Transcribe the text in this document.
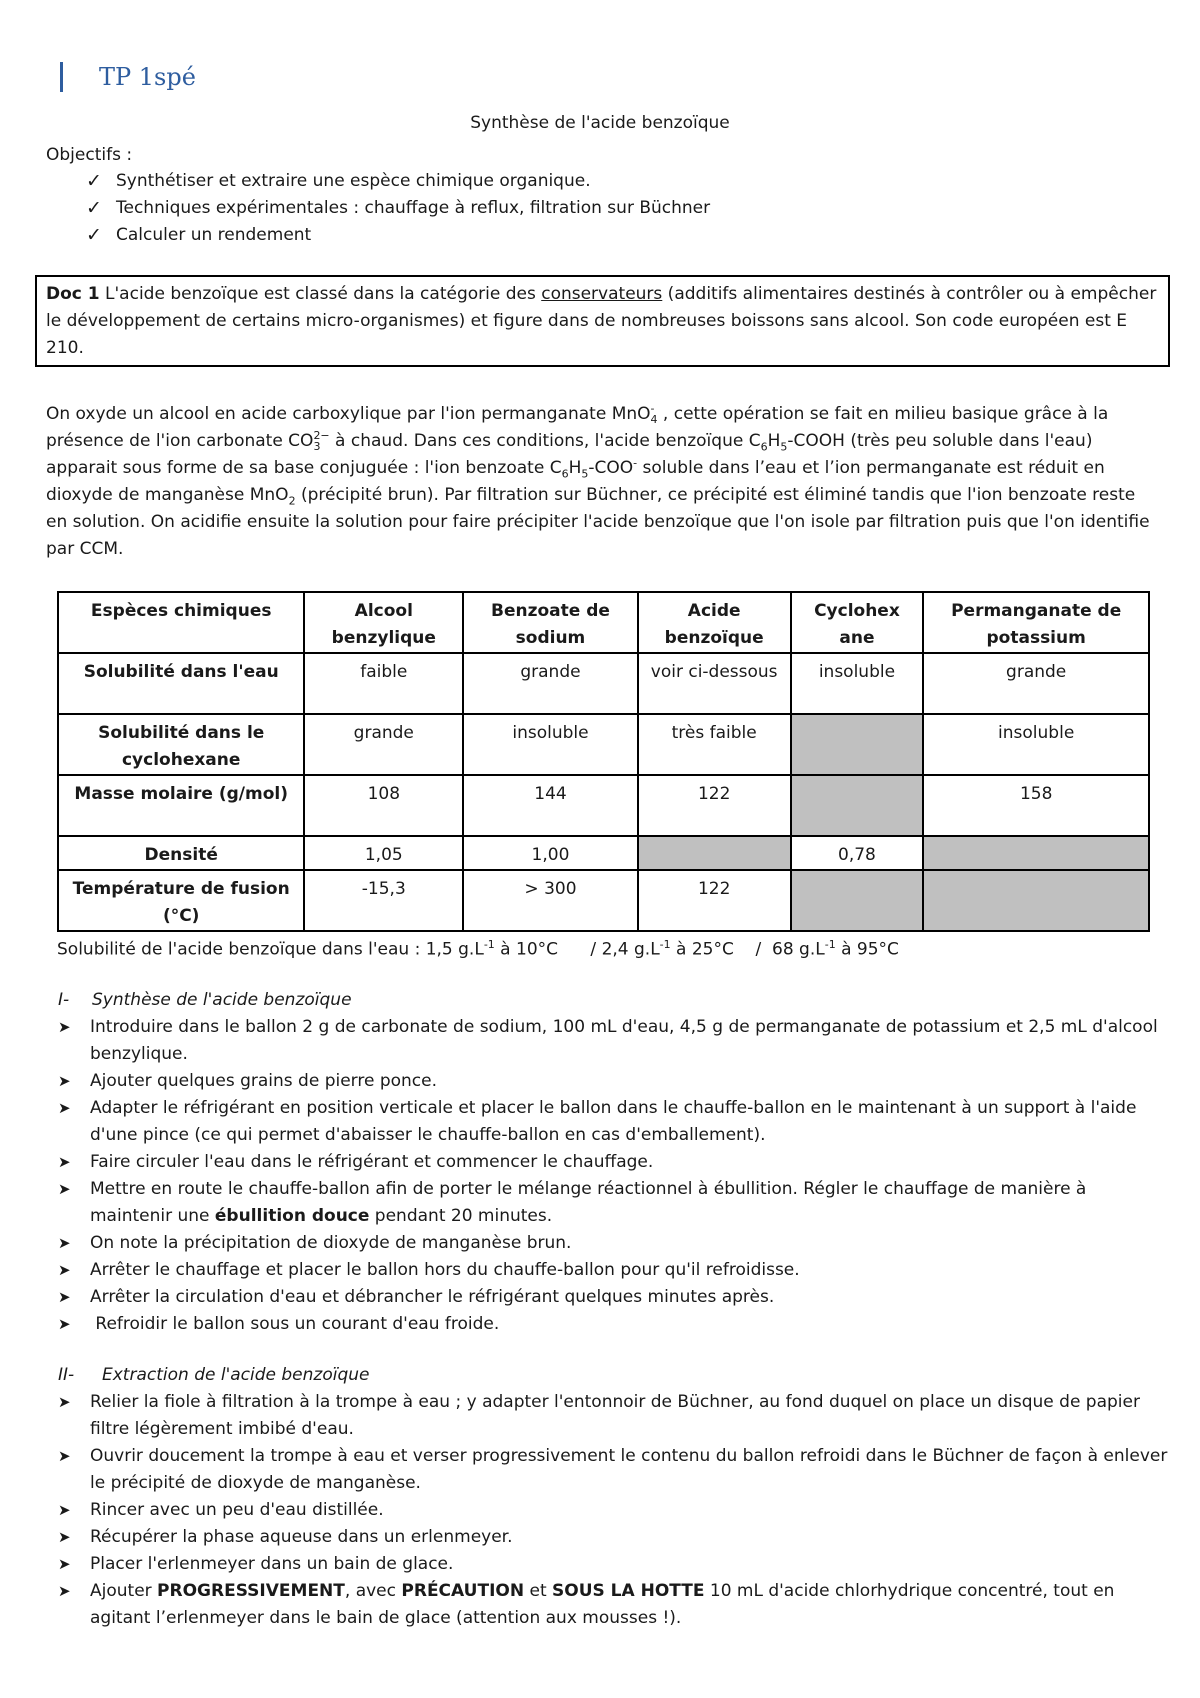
TP 1spé
Synthèse de l'acide benzoïque
Objectifs :
✓ Synthétiser et extraire une espèce chimique organique.
✓ Techniques expérimentales : chauffage à reflux, filtration sur Büchner
✓ Calculer un rendement
Doc 1 L'acide benzoïque est classé dans la catégorie des conservateurs (additifs alimentaires destinés à contrôler ou à empêcher le développement de certains micro-organismes) et figure dans de nombreuses boissons sans alcool. Son code européen est E 210.
On oxyde un alcool en acide carboxylique par l'ion permanganate MnO -
4 , cette opération se fait en milieu basique grâce à la présence de l'ion carbonate CO 2−
3 à chaud. Dans ces conditions, l'acide benzoïque $C_6H_5$-COOH (très peu soluble dans l'eau) apparait sous forme de sa base conjuguée : l'ion benzoate $C_6H_5-COO^-$ soluble dans l’eau et l’ion permanganate est réduit en dioxyde de manganèse MnO$_2$ (précipité brun). Par filtration sur Büchner, ce précipité est éliminé tandis que l'ion benzoate reste en solution. On acidifie ensuite la solution pour faire précipiter l'acide benzoïque que l'on isole par filtration puis que l'on identifie par CCM.
Espèces chimiques	Alcool benzylique	Benzoate de sodium	Acide benzoïque	Cyclohex ane	Permanganate de potassium
Solubilité dans l'eau	faible	grande	voir ci-dessous	insoluble	grande
Solubilité dans le cyclohexane	grande	insoluble	très faible		insoluble
Masse molaire (g/mol)	108	144	122		158
Densité	1,05	1,00		0,78	
Température de fusion (°C)	-15,3	> 300	122		
Solubilité de l'acide benzoïque dans l'eau : 1,5 $g.L^{-1}$ à 10°C      / 2,4 $g.L^{-1}$ à 25°C    /  68 $g.L^{-1}$ à 95°C
I- Synthèse de l'acide benzoïque
➤ Introduire dans le ballon 2 g de carbonate de sodium, 100 mL d'eau, 4,5 g de permanganate de potassium et 2,5 mL d'alcool benzylique.
➤ Ajouter quelques grains de pierre ponce.
➤ Adapter le réfrigérant en position verticale et placer le ballon dans le chauffe-ballon en le maintenant à un support à l'aide d'une pince (ce qui permet d'abaisser le chauffe-ballon en cas d'emballement).
➤ Faire circuler l'eau dans le réfrigérant et commencer le chauffage.
➤ Mettre en route le chauffe-ballon afin de porter le mélange réactionnel à ébullition. Régler le chauffage de manière à maintenir une ébullition douce pendant 20 minutes.
➤ On note la précipitation de dioxyde de manganèse brun.
➤ Arrêter le chauffage et placer le ballon hors du chauffe-ballon pour qu'il refroidisse.
➤ Arrêter la circulation d'eau et débrancher le réfrigérant quelques minutes après.
➤ Refroidir le ballon sous un courant d'eau froide.
II- Extraction de l'acide benzoïque
➤ Relier la fiole à filtration à la trompe à eau ; y adapter l'entonnoir de Büchner, au fond duquel on place un disque de papier filtre légèrement imbibé d'eau.
➤ Ouvrir doucement la trompe à eau et verser progressivement le contenu du ballon refroidi dans le Büchner de façon à enlever le précipité de dioxyde de manganèse.
➤ Rincer avec un peu d'eau distillée.
➤ Récupérer la phase aqueuse dans un erlenmeyer.
➤ Placer l'erlenmeyer dans un bain de glace.
➤ Ajouter PROGRESSIVEMENT, avec PRÉCAUTION et SOUS LA HOTTE 10 mL d'acide chlorhydrique concentré, tout en agitant l’erlenmeyer dans le bain de glace (attention aux mousses !).
